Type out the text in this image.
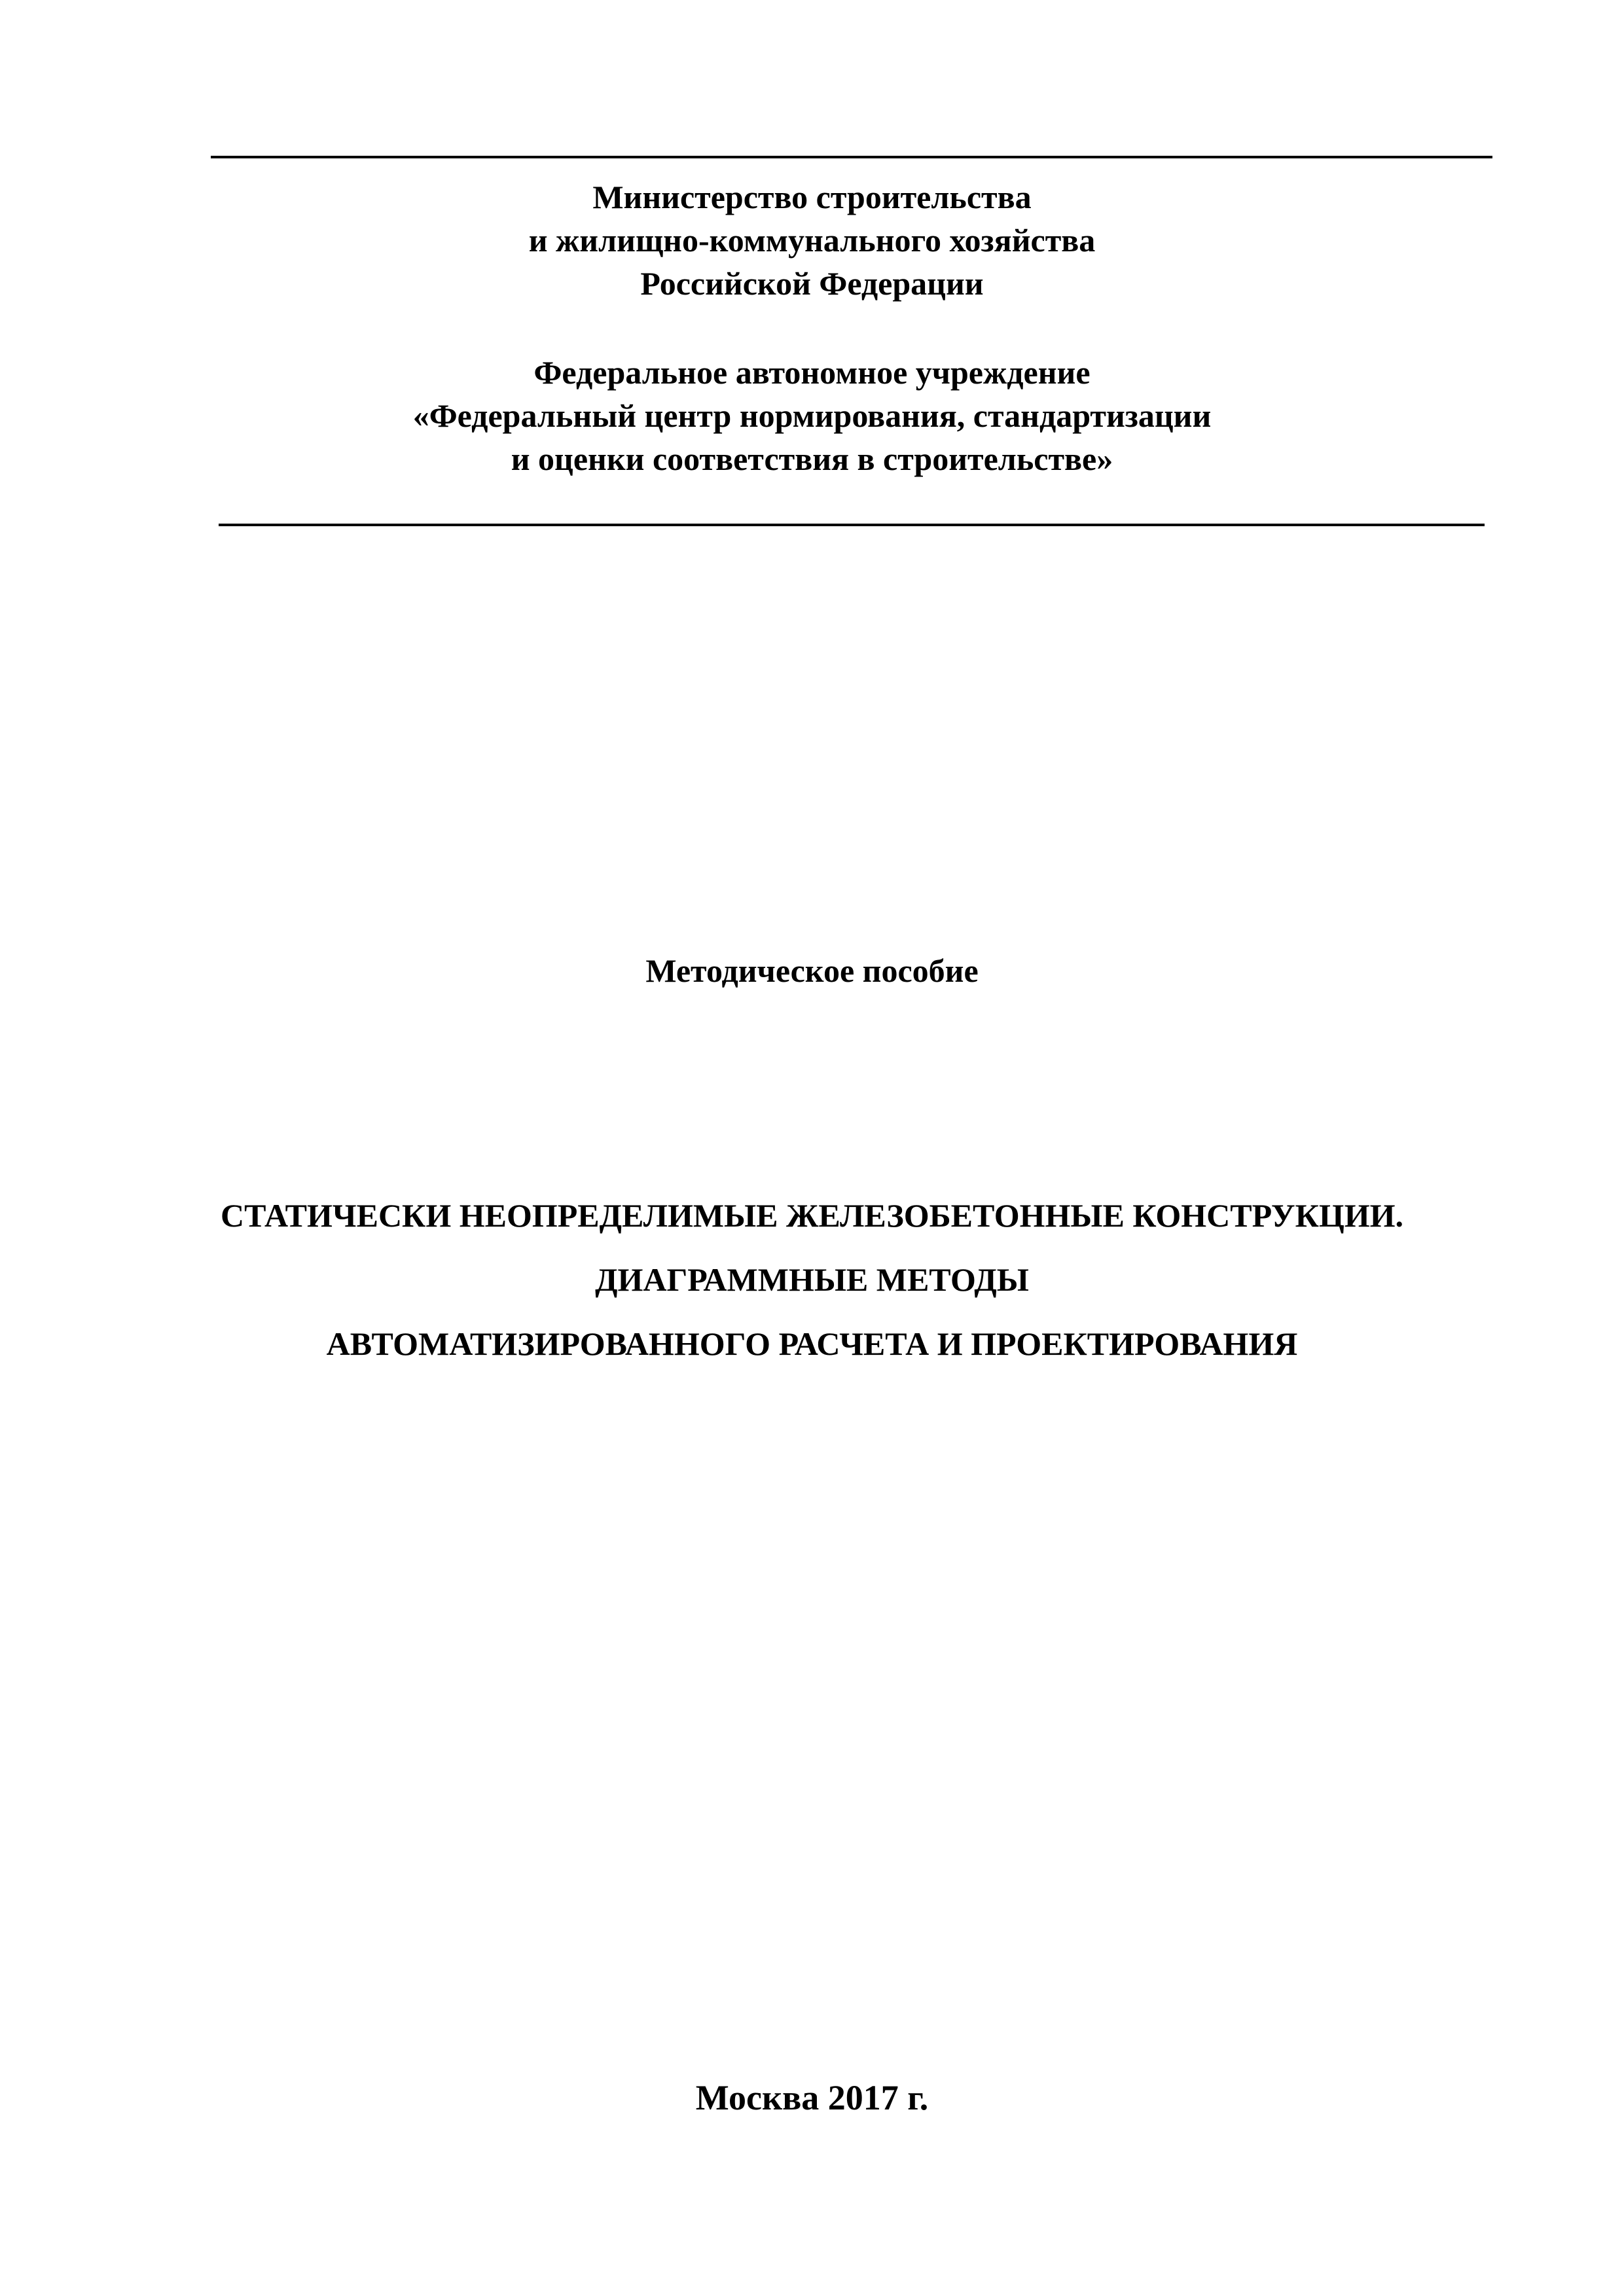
Министерство строительства
и жилищно-коммунального хозяйства
Российской Федерации
Федеральное автономное учреждение
«Федеральный центр нормирования, стандартизации
и оценки соответствия в строительстве»
Методическое пособие
СТАТИЧЕСКИ НЕОПРЕДЕЛИМЫЕ ЖЕЛЕЗОБЕТОННЫЕ КОНСТРУКЦИИ.
ДИАГРАММНЫЕ МЕТОДЫ
АВТОМАТИЗИРОВАННОГО РАСЧЕТА И ПРОЕКТИРОВАНИЯ
Москва 2017 г.
